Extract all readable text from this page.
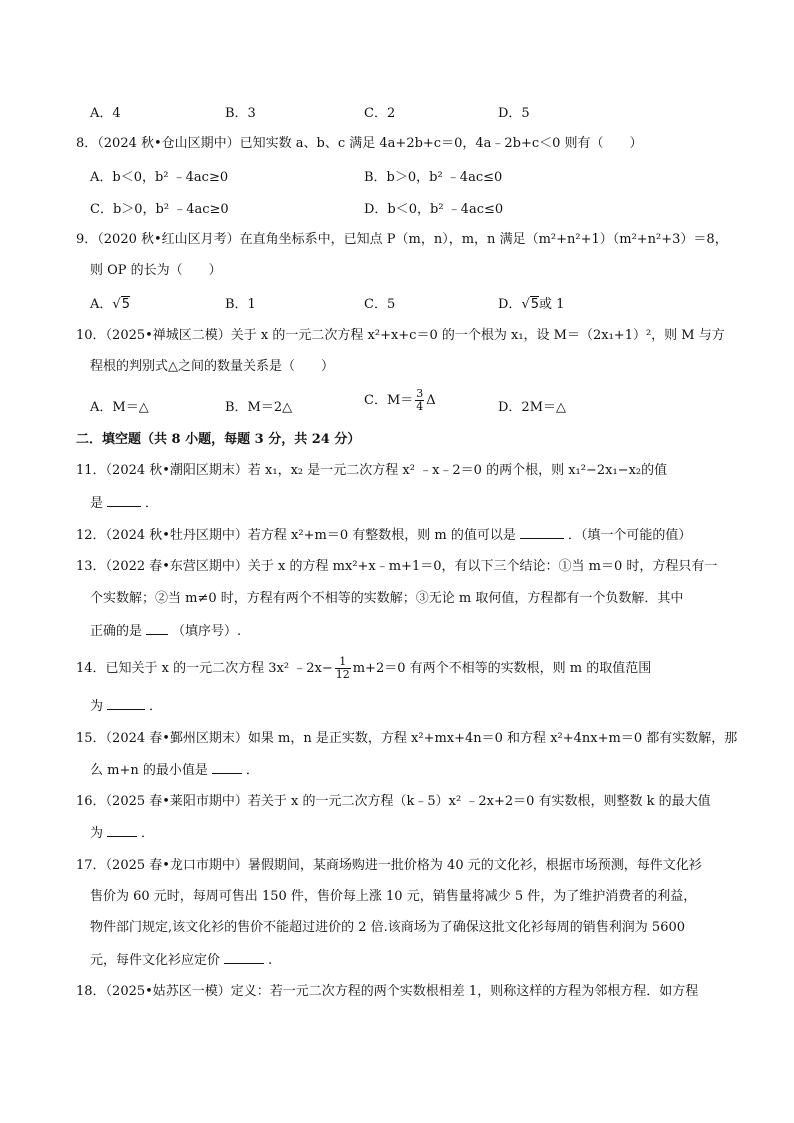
A．4	B．3	C．2	D．5
8．（2024 秋•仓山区期中）已知实数 a、b、c 满足 4a+2b+c＝0，4a﹣2b+c＜0 则有（　　）
A．b＜0，b² ﹣4ac≥0	B．b＞0，b² ﹣4ac≤0
C．b＞0，b² ﹣4ac≥0	D．b＜0，b² ﹣4ac≤0
9．（2020 秋•红山区月考）在直角坐标系中，已知点 P（m，n），m，n 满足（m²+n²+1）（m²+n²+3）＝8，
则 OP 的长为（　　）
A．√5	B．1	C．5	D．√5或 1
10．（2025•禅城区二模）关于 x 的一元二次方程 x²+x+c＝0 的一个根为 x₁，设 M＝（2x₁+1）²，则 M 与方
程根的判别式△之间的数量关系是（　　）
A．M＝△	B．M＝2△	C．$M= \frac{3}{4}$ Δ	D．2M＝△
二．填空题（共 8 小题，每题 3 分，共 24 分）
11．（2024 秋•潮阳区期末）若 x₁，x₂ 是一元二次方程 x² ﹣x﹣2＝0 的两个根，则 x₁²−2x₁−x₂的值
是	．
12．（2024 秋•牡丹区期中）若方程 x²+m＝0 有整数根，则 m 的值可以是	．（填一个可能的值）
13．（2022 春•东营区期中）关于 x 的方程 mx²+x﹣m+1＝0，有以下三个结论：①当 m＝0 时，方程只有一
个实数解；②当 m≠0 时，方程有两个不相等的实数解；③无论 m 取何值，方程都有一个负数解．其中
正确的是 （填序号）.
14．已知关于 x 的一元二次方程 3x² ﹣2x− $\frac{1}{12} m+2=0$ 有两个不相等的实数根，则 m 的取值范围
为	．
15．（2024 春•鄞州区期末）如果 m，n 是正实数，方程 x²+mx+4n＝0 和方程 x²+4nx+m＝0 都有实数解，那
么 m+n 的最小值是	．
16．（2025 春•莱阳市期中）若关于 x 的一元二次方程（k﹣5）x² ﹣2x+2＝0 有实数根，则整数 k 的最大值
为	．
17．（2025 春•龙口市期中）暑假期间，某商场购进一批价格为 40 元的文化衫，根据市场预测，每件文化衫
售价为 60 元时，每周可售出 150 件，售价每上涨 10 元，销售量将减少 5 件，为了维护消费者的利益，
物件部门规定,该文化衫的售价不能超过进价的 2 倍.该商场为了确保这批文化衫每周的销售利润为 5600
元，每件文化衫应定价	.
18．（2025•姑苏区一模）定义：若一元二次方程的两个实数根相差 1，则称这样的方程为邻根方程．如方程
